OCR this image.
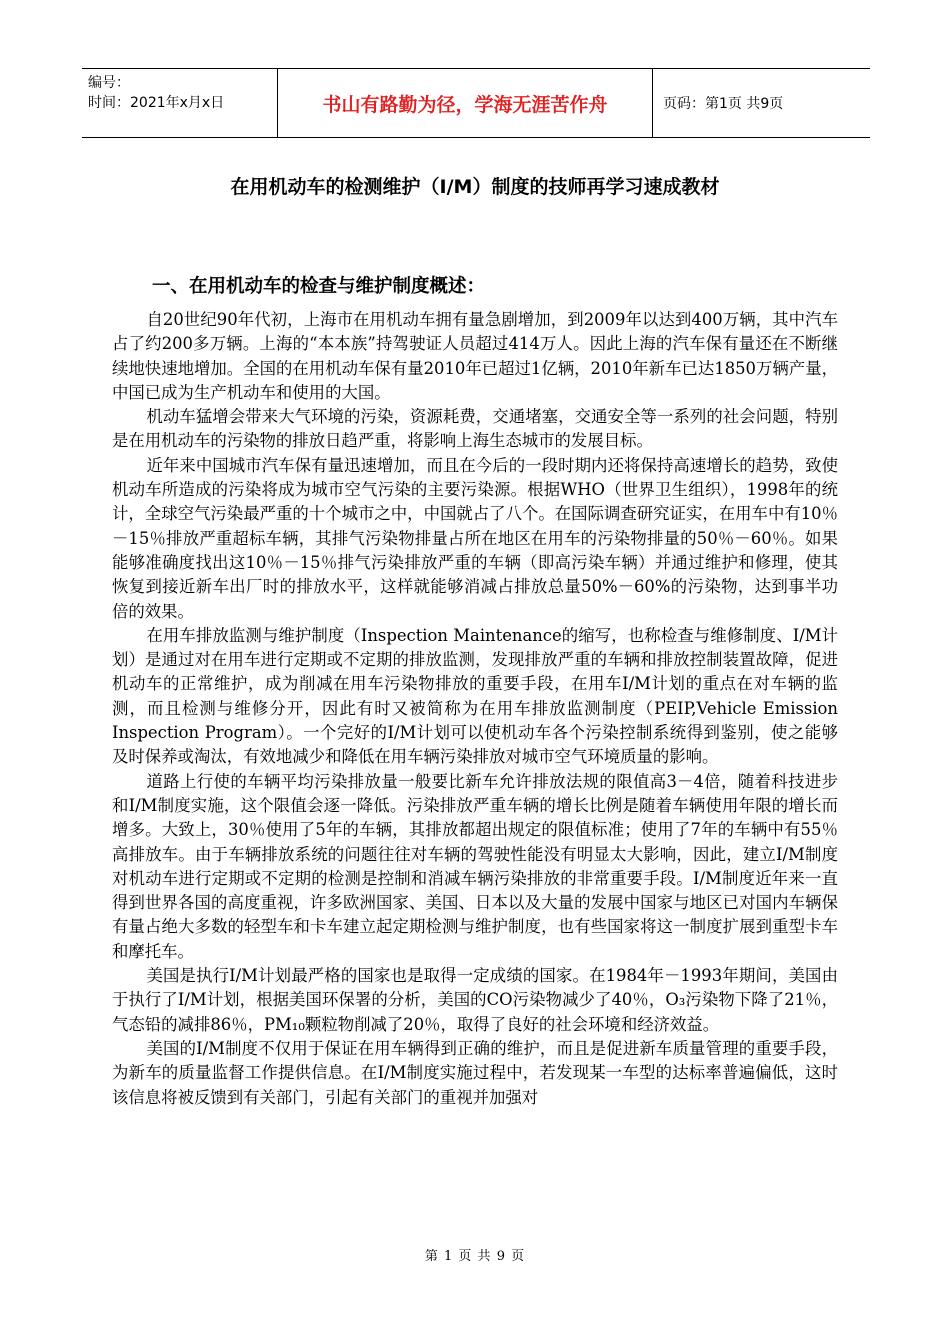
编号：
时间：2021年x月x日	书山有路勤为径，学海无涯苦作舟	页码：第1页 共9页
在用机动车的检测维护（I/M）制度的技师再学习速成教材
一、在用机动车的检查与维护制度概述：

自20世纪90年代初，上海市在用机动车拥有量急剧增加，到2009年以达到400万辆，其中汽车占了约200多万辆。上海的“本本族”持驾驶证人员超过414万人。因此上海的汽车保有量还在不断继续地快速地增加。全国的在用机动车保有量2010年已超过1亿辆，2010年新车已达1850万辆产量，中国已成为生产机动车和使用的大国。

机动车猛增会带来大气环境的污染，资源耗费，交通堵塞，交通安全等一系列的社会问题，特别是在用机动车的污染物的排放日趋严重，将影响上海生态城市的发展目标。

近年来中国城市汽车保有量迅速增加，而且在今后的一段时期内还将保持高速增长的趋势，致使机动车所造成的污染将成为城市空气污染的主要污染源。根据WHO（世界卫生组织），1998年的统计，全球空气污染最严重的十个城市之中，中国就占了八个。在国际调查研究证实，在用车中有10％－15％排放严重超标车辆，其排气污染物排量占所在地区在用车的污染物排量的50％－60％。如果能够准确度找出这10％－15％排气污染排放严重的车辆（即高污染车辆）并通过维护和修理，使其恢复到接近新车出厂时的排放水平，这样就能够消减占排放总量50%－60%的污染物，达到事半功倍的效果。

在用车排放监测与维护制度（Inspection Maintenance的缩写，也称检查与维修制度、I/M计划）是通过对在用车进行定期或不定期的排放监测，发现排放严重的车辆和排放控制装置故障，促进机动车的正常维护，成为削减在用车污染物排放的重要手段，在用车I/M计划的重点在对车辆的监测，而且检测与维修分开，因此有时又被简称为在用车排放监测制度（PEIP,Vehicle Emission Inspection Program）。一个完好的I/M计划可以使机动车各个污染控制系统得到鉴别，使之能够及时保养或淘汰，有效地减少和降低在用车辆污染排放对城市空气环境质量的影响。

道路上行使的车辆平均污染排放量一般要比新车允许排放法规的限值高3－4倍，随着科技进步和I/M制度实施，这个限值会逐一降低。污染排放严重车辆的增长比例是随着车辆使用年限的增长而增多。大致上，30％使用了5年的车辆，其排放都超出规定的限值标准；使用了7年的车辆中有55％高排放车。由于车辆排放系统的问题往往对车辆的驾驶性能没有明显太大影响，因此，建立I/M制度对机动车进行定期或不定期的检测是控制和消减车辆污染排放的非常重要手段。I/M制度近年来一直得到世界各国的高度重视，许多欧洲国家、美国、日本以及大量的发展中国家与地区已对国内车辆保有量占绝大多数的轻型车和卡车建立起定期检测与维护制度，也有些国家将这一制度扩展到重型卡车和摩托车。

美国是执行I/M计划最严格的国家也是取得一定成绩的国家。在1984年－1993年期间，美国由于执行了I/M计划，根据美国环保署的分析，美国的CO污染物减少了40％，O₃污染物下降了21％，气态铅的减排86％，PM₁₀颗粒物削减了20％，取得了良好的社会环境和经济效益。

美国的I/M制度不仅用于保证在用车辆得到正确的维护，而且是促进新车质量管理的重要手段，为新车的质量监督工作提供信息。在I/M制度实施过程中，若发现某一车型的达标率普遍偏低，这时该信息将被反馈到有关部门，引起有关部门的重视并加强对

第 1 页 共 9 页
